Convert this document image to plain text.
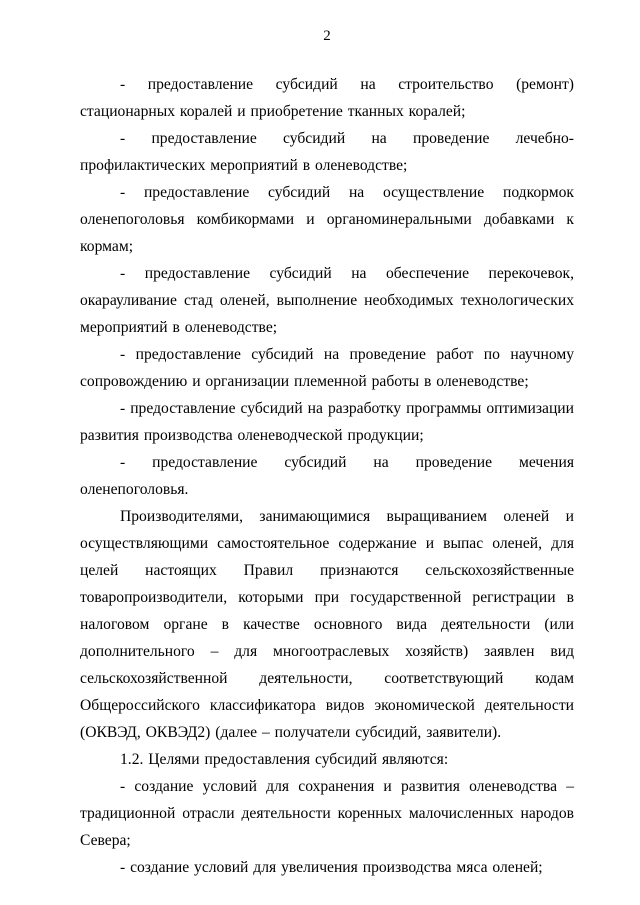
2

- предоставление субсидий на строительство (ремонт) стационарных коралей и приобретение тканных коралей;

- предоставление субсидий на проведение лечебно-профилактических мероприятий в оленеводстве;

- предоставление субсидий на осуществление подкормок оленепоголовья комбикормами и органоминеральными добавками к кормам;

- предоставление субсидий на обеспечение перекочевок, окарауливание стад оленей, выполнение необходимых технологических мероприятий в оленеводстве;

- предоставление субсидий на проведение работ по научному сопровождению и организации племенной работы в оленеводстве;

- предоставление субсидий на разработку программы оптимизации развития производства оленеводческой продукции;

- предоставление субсидий на проведение мечения оленепоголовья.

Производителями, занимающимися выращиванием оленей и осуществляющими самостоятельное содержание и выпас оленей, для целей настоящих Правил признаются сельскохозяйственные товаропроизводители, которыми при государственной регистрации в налоговом органе в качестве основного вида деятельности (или дополнительного – для многоотраслевых хозяйств) заявлен вид сельскохозяйственной деятельности, соответствующий кодам Общероссийского классификатора видов экономической деятельности (ОКВЭД, ОКВЭД2) (далее – получатели субсидий, заявители).

1.2. Целями предоставления субсидий являются:

- создание условий для сохранения и развития оленеводства – традиционной отрасли деятельности коренных малочисленных народов Севера;

- создание условий для увеличения производства мяса оленей;
